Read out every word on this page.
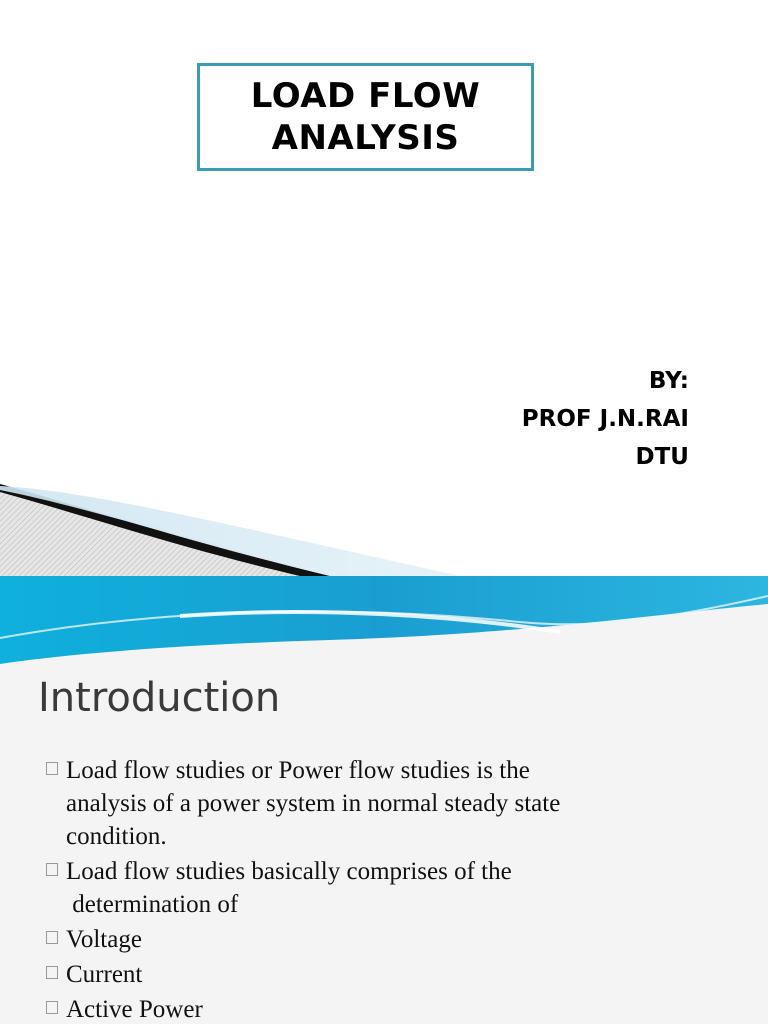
LOAD FLOW
ANALYSIS
BY:
PROF J.N.RAI
DTU
Introduction
Load flow studies or Power flow studies is the
analysis of a power system in normal steady state
condition.
Load flow studies basically comprises of the
determination of
Voltage
Current
Active Power
